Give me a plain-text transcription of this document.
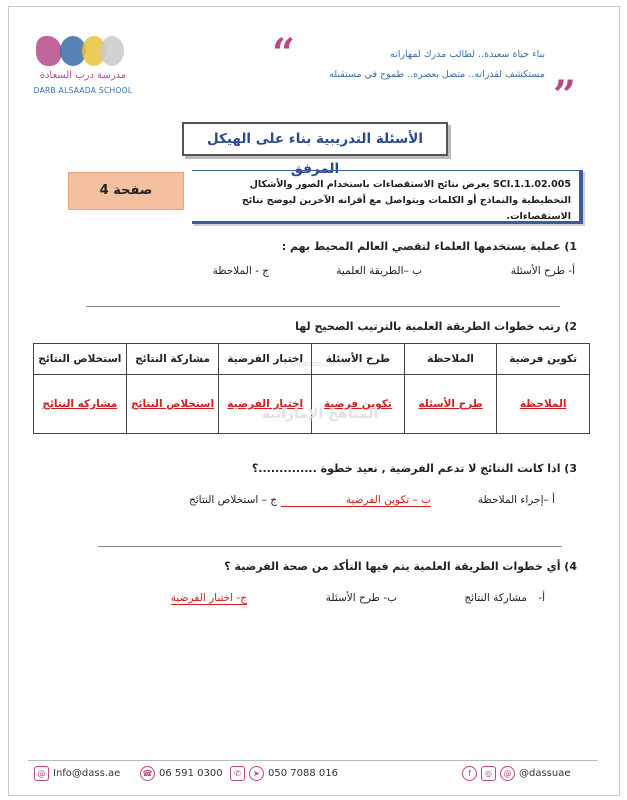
مدرسة درب السعادة
DARB ALSAADA SCHOOL
“
”
بناء حياة سعيدة.. لطالب مدرك لمهاراته
مستكشف لقدراته.. متصل بعصره.. طموح في مستقبله
الأسئلة التدريبية بناء على الهيكل المرفق
صفحة 4	SCI.1.1.02.005 يعرض نتائج الاستقصاءات باستخدام الصور والأشكال التخطيطية والنماذج أو الكلمات ويتواصل مع أقرانه الآخرين ليوضح نتائج الاستقصاءات.
1) عملية يستخدمها العلماء لتقصي العالم المحيط بهم :
أ- طرح الأسئلة
ب –الطريقة العلمية
ج - الملاحظة
2) رتب خطوات الطريقة العلمية بالترتيب الصحيح لها
تكوين فرضية	الملاحظة	طرح الأسئلة	اختبار الفرضية	مشاركة النتائج	استخلاص النتائج
الملاحظة	طرح الأسئلة	تكوين فرضية	اختبار الفرضية	استخلاص النتائج	مشاركة النتائج
almanahj.com/ae
المناهج الإماراتية
3) اذا كانت النتائج لا تدعم الفرضية , نعيد خطوة ..............؟
أ –إجراء الملاحظة
ب – تكوين الفرضية
ج – استخلاص النتائج
4) أي خطوات الطريقة العلمية يتم فيها التأكد من صحة الفرضية ؟
أ-
مشاركة النتائج
ب- طرح الأسئلة
ج- اختبار الفرضية
@ Info@dass.ae	☎ 06 591 0300	✆	➤ 050 7088 016	f	◎	@ @dassuae
